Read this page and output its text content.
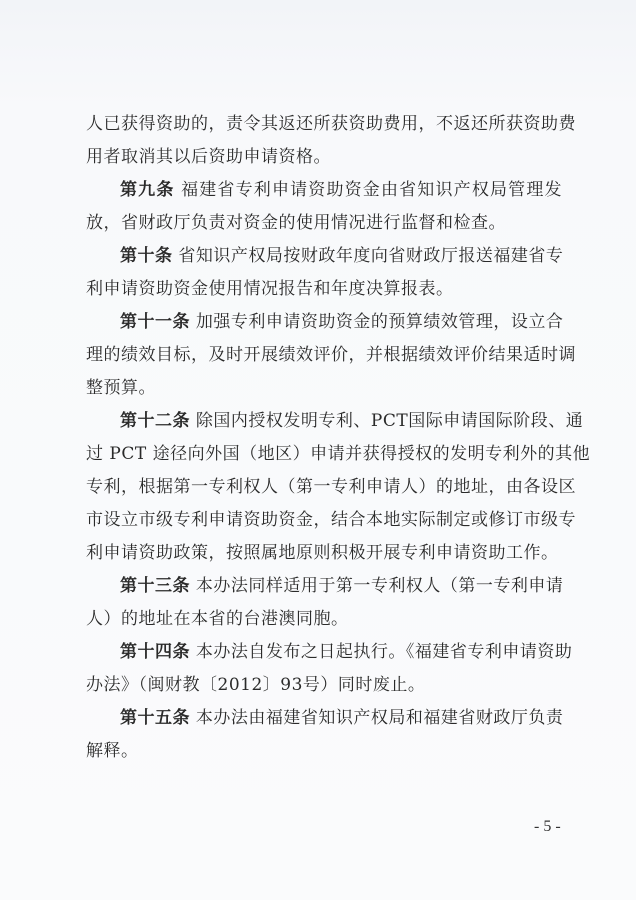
人已获得资助的，责令其返还所获资助费用，不返还所获资助费
用者取消其以后资助申请资格。
第九条 福建省专利申请资助资金由省知识产权局管理发
放，省财政厅负责对资金的使用情况进行监督和检查。
第十条 省知识产权局按财政年度向省财政厅报送福建省专
利申请资助资金使用情况报告和年度决算报表。
第十一条 加强专利申请资助资金的预算绩效管理，设立合
理的绩效目标，及时开展绩效评价，并根据绩效评价结果适时调
整预算。
第十二条 除国内授权发明专利、PCT国际申请国际阶段、通
过 PCT 途径向外国（地区）申请并获得授权的发明专利外的其他
专利，根据第一专利权人（第一专利申请人）的地址，由各设区
市设立市级专利申请资助资金，结合本地实际制定或修订市级专
利申请资助政策，按照属地原则积极开展专利申请资助工作。
第十三条 本办法同样适用于第一专利权人（第一专利申请
人）的地址在本省的台港澳同胞。
第十四条 本办法自发布之日起执行。《福建省专利申请资助
办法》（闽财教〔2012〕93号）同时废止。
第十五条 本办法由福建省知识产权局和福建省财政厅负责
解释。
- 5 -
